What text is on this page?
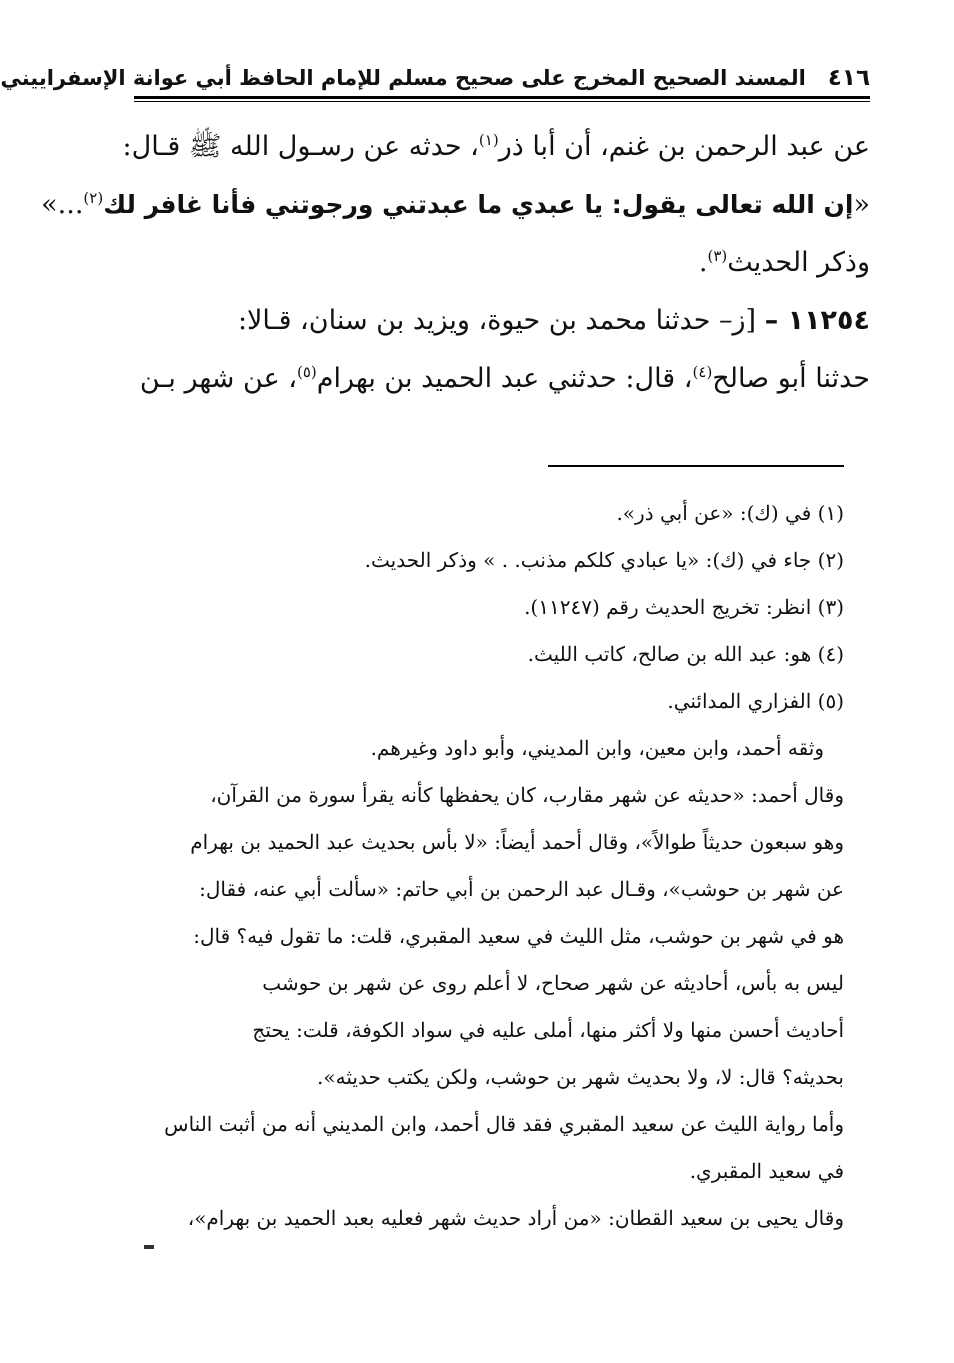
٤١٦
المسند الصحيح المخرج على صحيح مسلم للإمام الحافظ أبي عوانة الإسفراييني

عن عبد الرحمن بن غنم، أن أبا ذر$^{(١)}$، حدثه عن رسـول الله ﷺ قـال:

«إن الله تعالى يقول: يا عبدي ما عبدتني ورجوتني فأنا غافر لك$^{(٢)}$...»

وذكر الحديث$^{(٣)}$.

١١٢٥٤ – [ز– حدثنا محمد بن حيوة، ويزيد بن سنان، قـالا:

حدثنا أبو صالح$^{(٤)}$، قال: حدثني عبد الحميد بن بهرام$^{(٥)}$، عن شهر بـن

(١) في (ك): «عن أبي ذر».

(٢) جاء في (ك): «يا عبادي كلكم مذنب. . » وذكر الحديث.

(٣) انظر: تخريج الحديث رقم (١١٢٤٧).

(٤) هو: عبد الله بن صالح، كاتب الليث.

(٥) الفزاري المدائني.

وثقه أحمد، وابن معين، وابن المديني، وأبو داود وغيرهم.

وقال أحمد: «حديثه عن شهر مقارب، كان يحفظها كأنه يقرأ سورة من القرآن،

وهو سبعون حديثاً طوالاً»، وقال أحمد أيضاً: «لا بأس بحديث عبد الحميد بن بهرام

عن شهر بن حوشب»، وقـال عبد الرحمن بن أبي حاتم: «سألت أبي عنه، فقال:

هو في شهر بن حوشب، مثل الليث في سعيد المقبري، قلت: ما تقول فيه؟ قال:

ليس به بأس، أحاديثه عن شهر صحاح، لا أعلم روى عن شهر بن حوشب

أحاديث أحسن منها ولا أكثر منها، أملى عليه في سواد الكوفة، قلت: يحتج

بحديثه؟ قال: لا، ولا بحديث شهر بن حوشب، ولكن يكتب حديثه».

وأما رواية الليث عن سعيد المقبري فقد قال أحمد، وابن المديني أنه من أثبت الناس

في سعيد المقبري.

وقال يحيى بن سعيد القطان: «من أراد حديث شهر فعليه بعبد الحميد بن بهرام»،
